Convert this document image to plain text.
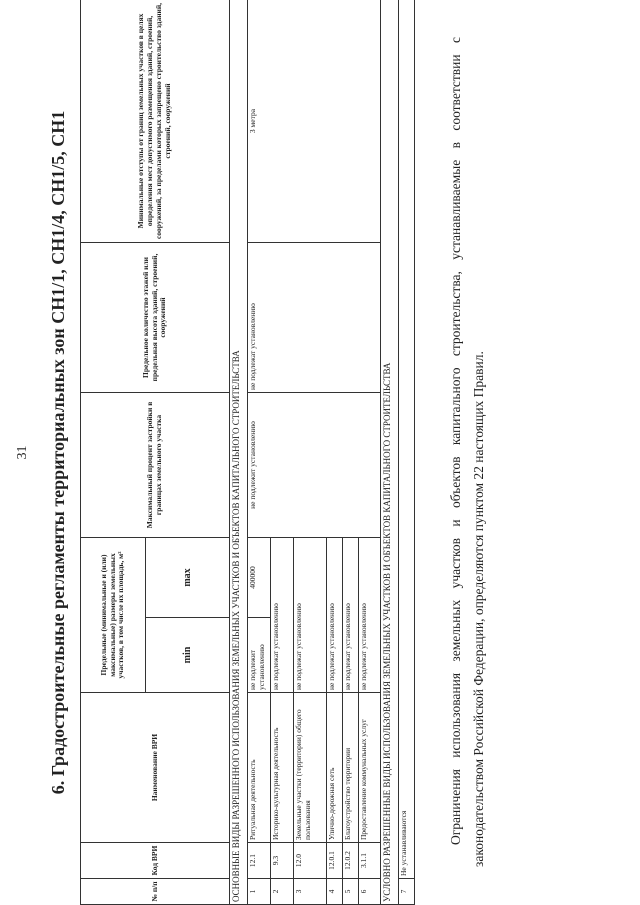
31 6. Градостроительные регламенты территориальных зон СН1/1, СН1/4, СН1/5, СН1
№ п/п	Код ВРИ	Наименование ВРИ	Предельные (минимальные и (или) максимальные) размеры земельных участков, в том числе их площадь, м²		Максимальный процент застройки в границах земельного участка	Предельное количество этажей или предельная высота зданий, строений, сооружений	Минимальные отступы от границ земельных участков в целях определения мест допустимого размещения зданий, строений, сооружений, за пределами которых запрещено строительство зданий, строений, сооружений
			min	max			
ОСНОВНЫЕ ВИДЫ РАЗРЕШЕННОГО ИСПОЛЬЗОВАНИЯ ЗЕМЕЛЬНЫХ УЧАСТКОВ И ОБЪЕКТОВ КАПИТАЛЬНОГО СТРОИТЕЛЬСТВА							
1	12.1	Ритуальная деятельность	не подлежит установлению	400000	не подлежит установлению	не подлежат установлению	3 метра
2	9.3	Историко-культурная деятельность	не подлежат установлению				
3	12.0	Земельные участки (территории) общего пользования	не подлежат установлению				
4	12.0.1	Улично-дорожная сеть	не подлежат установлению				
5	12.0.2	Благоустройство территории	не подлежат установлению				
6	3.1.1	Предоставление коммунальных услуг	не подлежат установлению				
УСЛОВНО РАЗРЕШЕННЫЕ ВИДЫ ИСПОЛЬЗОВАНИЯ ЗЕМЕЛЬНЫХ УЧАСТКОВ И ОБЪЕКТОВ КАПИТАЛЬНОГО СТРОИТЕЛЬСТВА							
7	Не устанавливаются							Ограничения использования земельных участков и объектов капитального строительства, устанавливаемые в соответствии с законодательством Российской Федерации, определяются пунктом 22 настоящих Правил.
